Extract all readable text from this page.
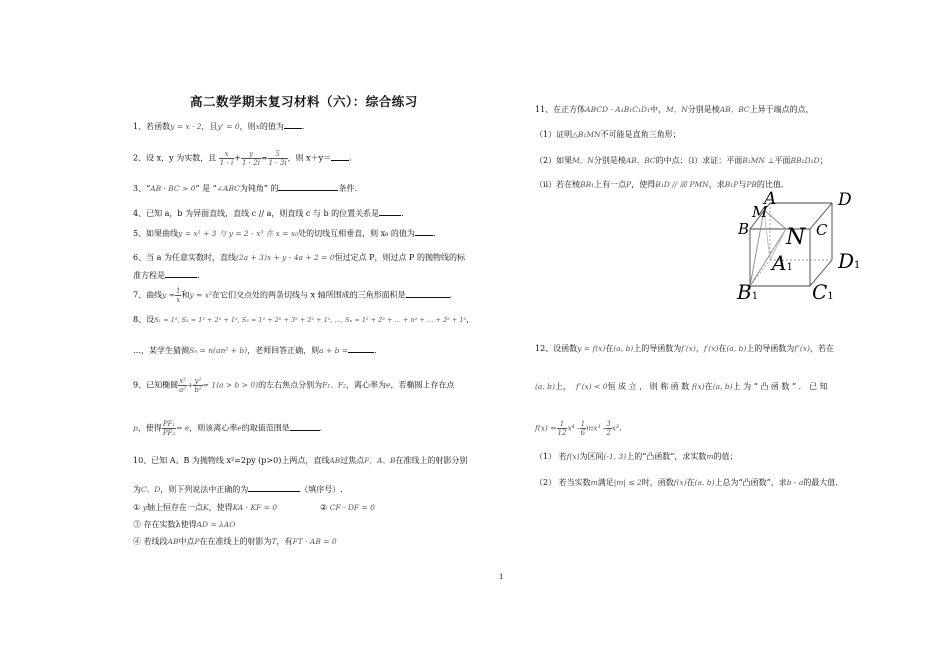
高二数学期末复习材料（六）：综合练习
1、若函数y = x · 2，且y' = 0，则x的值为 .
2、设 x，y 为实数，且 $\frac{x}{1 - i} + \frac{y}{1 - 2i} = \frac{5}{1 - 3i}$ ，则 x＋y＝ .
3、“AB · BC > 0” 是 “∠ABC为钝角” 的	条件.
4、已知 a，b 为异面直线，直线 c // a，则直线 c 与 b 的位置关系是	.
5、如果曲线y = x² + 3 与 y = 2 - x³ 在 x = x₀处的切线互相垂直，则 x₀ 的值为 .
6、当 a 为任意实数时，直线(2a + 3)x + y - 4a + 2 = 0恒过定点 P，则过点 P 的抛物线的标
准方程是	.
7、曲线$y = \frac{1}{x}$ 和y = x²在它们交点处的两条切线与 x 轴所围成的三角形面积是	.
8、设S₁ = 1², S₂ = 1² + 2² + 1², S₃ = 1² + 2² + 3² + 2² + 1², …, Sₙ = 1² + 2² + … + n² + … + 2² + 1²，
…，某学生猜测Sₙ = n(an² + b)，老师回答正确，则a + b =	.
9、已知椭圆 $\frac{\text{x²}}{\text{a²}} + \frac{\text{y²}}{\text{b²}} = 1(a > b > 0)$的左右焦点分别为F₁、F₂，离心率为e，若椭圆上存在点
p，使得 $\frac{\text{PF₁}}{\text{PF₂}} = e$，则该离心率e的取值范围是	.
10、已知 A、B 为抛物线 x²=2py (p>0)上两点，直线AB过焦点F，A、B在准线上的射影分别
为C、D，则下列说法中正确的为	（填序号）.
① y轴上恒存在一点K，使得KA · KF = 0	② CF · DF = 0
③ 存在实数λ使得AD = λAO
④ 若线段AB中点P在在准线上的射影为T，有FT · AB = 0
11、在正方体ABCD - A₁B₁C₁D₁中，M，N分别是棱AB，BC上异于端点的点，
（1）证明△B₁MN不可能是直角三角形；
（2）如果M，N分别是棱AB，BC的中点：（ⅰ）求证：平面B₁MN ⊥平面BB₁D₁D；
（ⅱ）若在棱BB₁上有一点P，使得B₁D // 面 PMN，求B₁P与PB的比值.
A	D
M
B N C
A1 D1
B1	C1
12、设函数y = f(x)在(a, b)上的导函数为f′(x)，f′(x)在(a, b)上的导函数为f″(x)，若在
(a, b)上， f″(x) < 0恒 成 立 ， 则 称 函 数 f(x)在(a, b)上 为 “ 凸 函 数 ” ． 已 知
$f(x) = \frac{1}{12} x^4 - \frac{1}{6} mx^3 - \frac{3}{2} x^2$．
（1） 若f(x)为区间(-1, 3)上的“凸函数”，求实数m的值；
（2） 若当实数m满足|m| ≤ 2时，函数f(x)在(a, b)上总为“凸函数”，求b - a的最大值.
1
